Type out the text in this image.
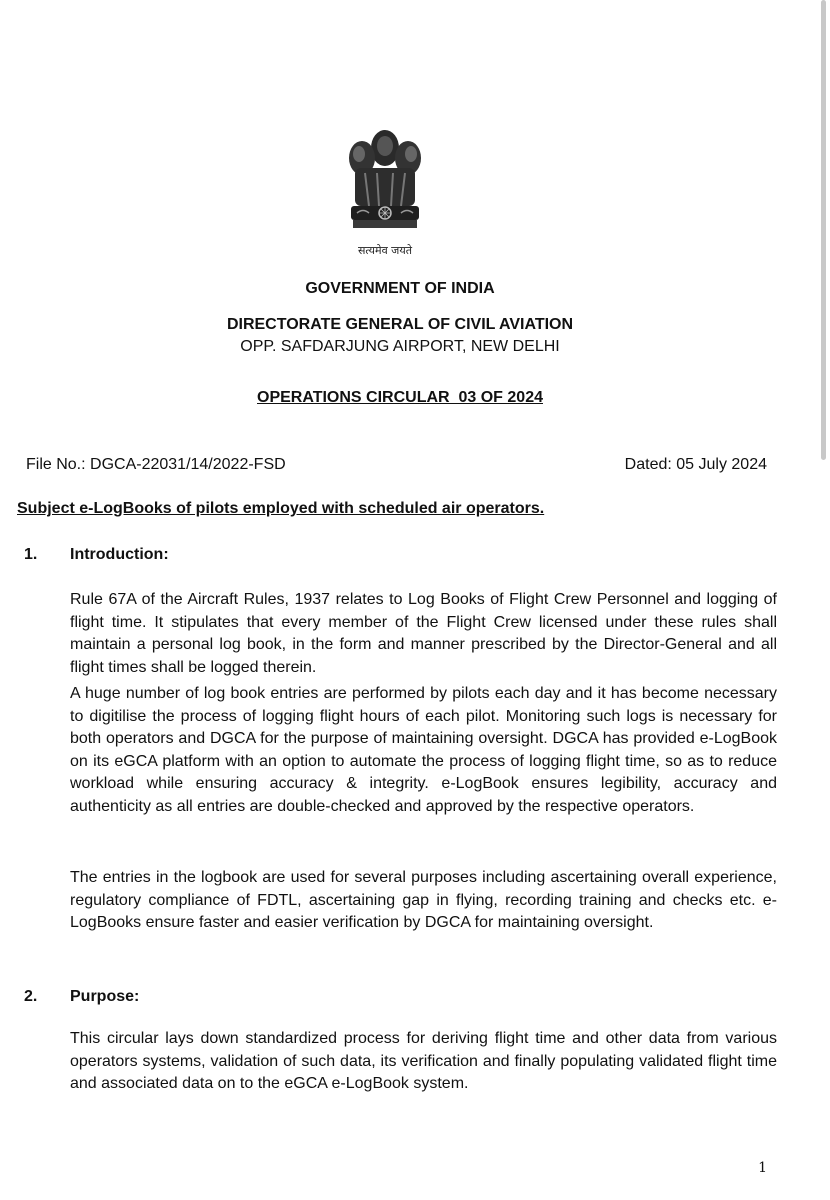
सत्यमेव जयते
GOVERNMENT OF INDIA
DIRECTORATE GENERAL OF CIVIL AVIATION
OPP. SAFDARJUNG AIRPORT, NEW DELHI
OPERATIONS CIRCULAR  03 OF 2024
File No.: DGCA-22031/14/2022-FSD	Dated: 05 July 2024
Subject e-LogBooks of pilots employed with scheduled air operators.
1. Introduction:

Rule 67A of the Aircraft Rules, 1937 relates to Log Books of Flight Crew Personnel and logging of flight time. It stipulates that every member of the Flight Crew licensed under these rules shall maintain a personal log book, in the form and manner prescribed by the Director-General and all flight times shall be logged therein.

A huge number of log book entries are performed by pilots each day and it has become necessary to digitilise the process of logging flight hours of each pilot. Monitoring such logs is necessary for both operators and DGCA for the purpose of maintaining oversight. DGCA has provided e-LogBook on its eGCA platform with an option to automate the process of logging flight time, so as to reduce workload while ensuring accuracy & integrity. e-LogBook ensures legibility, accuracy and authenticity as all entries are double-checked and approved by the respective operators.

The entries in the logbook are used for several purposes including ascertaining overall experience, regulatory compliance of FDTL, ascertaining gap in flying, recording training and checks etc. e-LogBooks ensure faster and easier verification by DGCA for maintaining oversight.

2. Purpose:

This circular lays down standardized process for deriving flight time and other data from various operators systems, validation of such data, its verification and finally populating validated flight time and associated data on to the eGCA e-LogBook system.

1
